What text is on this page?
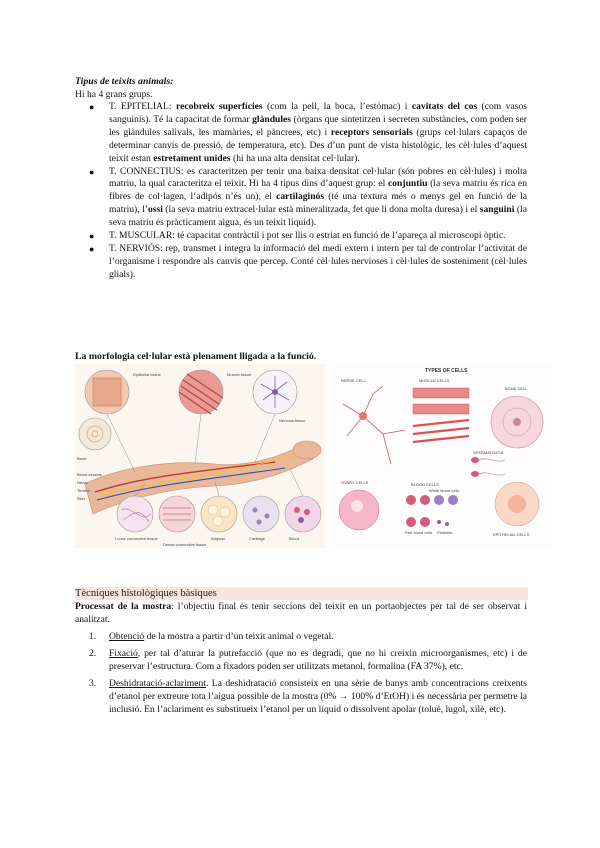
Tipus de teixits animals:
Hi ha 4 grans grups.
● T. EPITELIAL: recobreix superfícies (com la pell, la boca, l’estómac) i cavitats del cos (com vasos sanguinis). Té la capacitat de formar glàndules (òrgans que sintetitzen i secreten substàncies, com poden ser les glàndules salivals, les mamàries, el pàncrees, etc) i receptors sensorials (grups cel·lulars capaços de determinar canvis de pressió, de temperatura, etc). Des d’un punt de vista histològic, les cèl·lules d’aquest teixit estan estretament unides (hi ha una alta densitat cel·lular).
● T. CONNECTIUS: es caracteritzen per tenir una baixa densitat cel·lular (són pobres en cèl·lules) i molta matriu, la qual caracteritza el teixit. Hi ha 4 tipus dins d’aquest grup: el conjuntiu (la seva matriu és rica en fibres de col·lagen, l’adipós n’és un), el cartilaginós (té una textura més o menys gel en funció de la matriu), l’ossi (la seva matriu extracel·lular està mineralitzada, fet que li dona molta duresa) i el sanguini (la seva matriu és pràcticament aigua, és un teixit líquid).
● T. MUSCULAR: té capacitat contràctil i pot ser llis o estriat en funció de l’apareça al microscopi òptic.
● T. NERVIÓS: rep, transmet i integra la informació del medi extern i intern per tal de controlar l’activitat de l’organisme i respondre als canvis que percep. Conté cèl·lules nervioses i cèl·lules de sosteniment (cèl·lules glials).
La morfologia cel·lular està plenament lligada a la funció.
Epithelial tissue	Muscle tissue
Nervous tissue
Bone
Blood
Loose connective tissue
Dense connective tissue
Cartilage
Adipose
Blood vessels
Nerve
Tendon
Skin
TYPES OF CELLS
NERVE CELL	MUSCLE CELLS
BONE CELL
OVARY CELLS	BLOOD CELLS
White blood cells
Red blood cells Platelets
SPERMATOZOA
EPITHELIAL CELLS
Tècniques histològiques bàsiques
Processat de la mostra: l’objectiu final és tenir seccions del teixit en un portaobjectes per tal de ser observat i analitzat.
1. Obtenció de la mostra a partir d’un teixit animal o vegetal.
2. Fixació, per tal d’aturar la putrefacció (que no es degradi, que no hi creixin microorganismes, etc) i de preservar l’estructura. Com a fixadors poden ser utilitzats metanol, formalina (FA 37%), etc.
3. Deshidratació-aclariment. La deshidratació consisteix en una sèrie de banys amb concentracions creixents d’etanol per extreure tota l’aigua possible de la mostra (0% → 100% d’EtOH) i és necessària per permetre la inclusió. En l’aclariment es substitueix l’etanol per un líquid o dissolvent apolar (toluè, lugol, xilè, etc).
